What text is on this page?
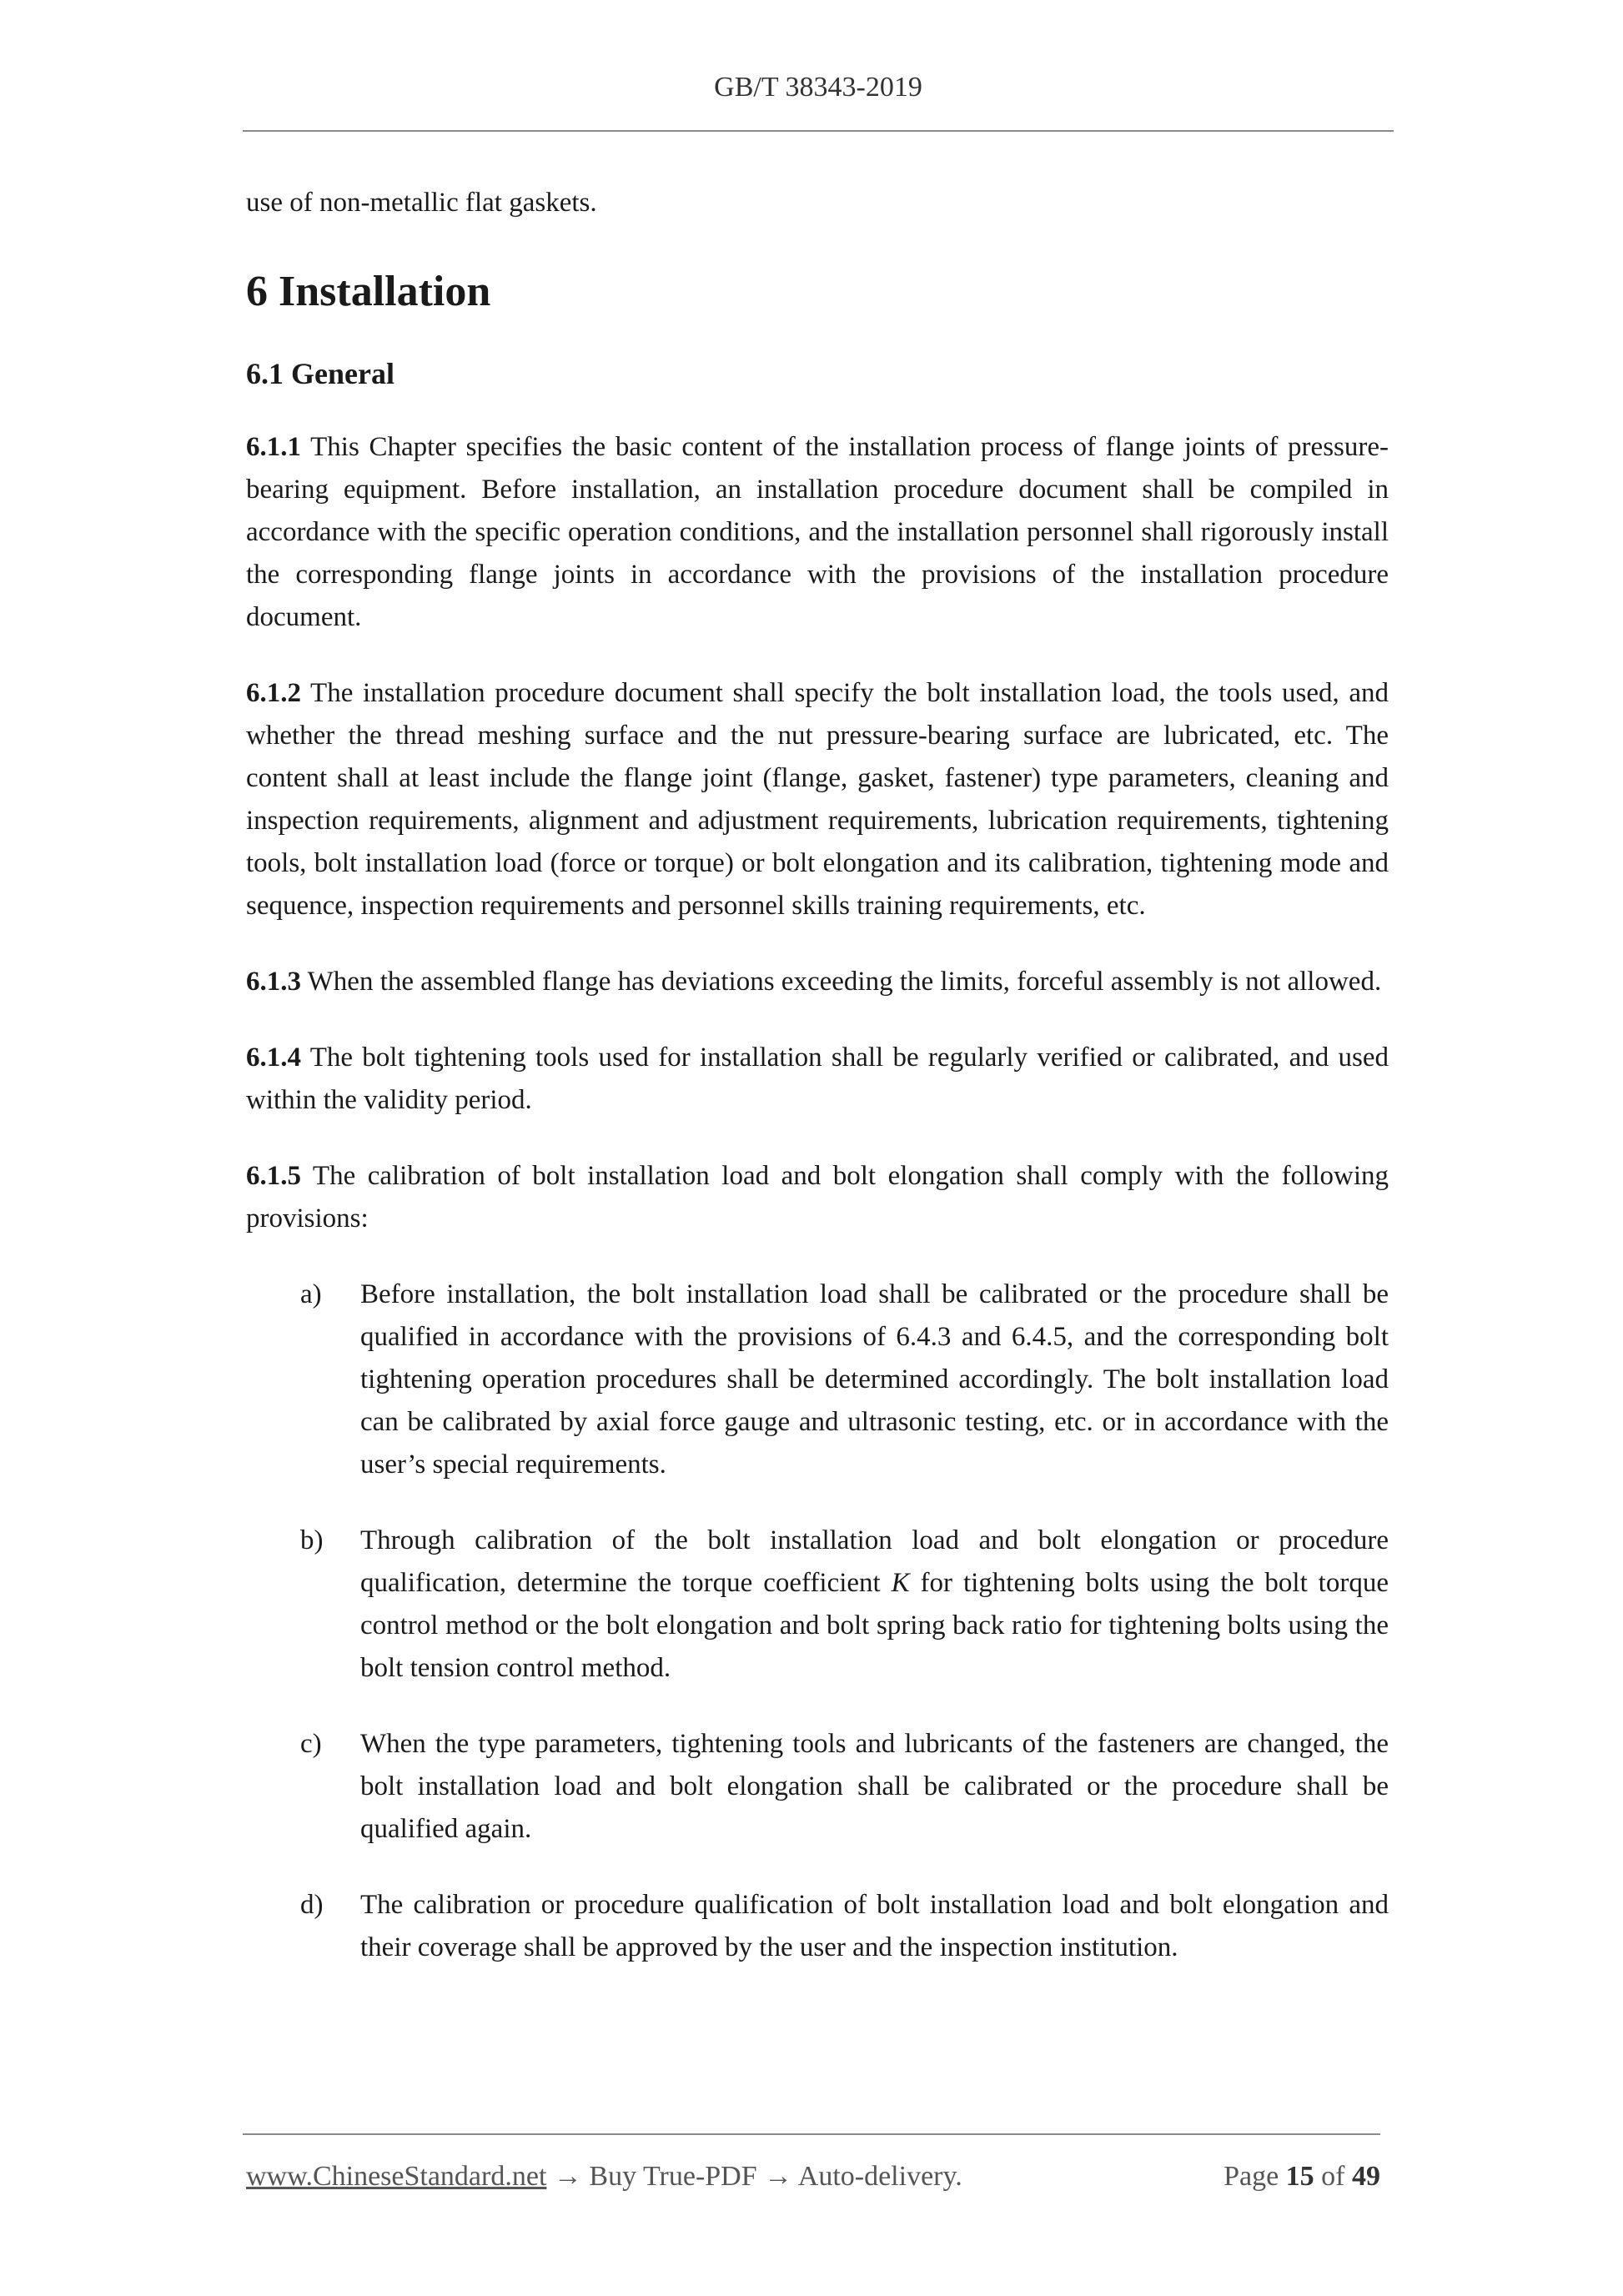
GB/T 38343-2019

use of non-metallic flat gaskets.

6 Installation
6.1 General

6.1.1 This Chapter specifies the basic content of the installation process of flange joints of pressure-bearing equipment. Before installation, an installation procedure document shall be compiled in accordance with the specific operation conditions, and the installation personnel shall rigorously install the corresponding flange joints in accordance with the provisions of the installation procedure document.

6.1.2 The installation procedure document shall specify the bolt installation load, the tools used, and whether the thread meshing surface and the nut pressure-bearing surface are lubricated, etc. The content shall at least include the flange joint (flange, gasket, fastener) type parameters, cleaning and inspection requirements, alignment and adjustment requirements, lubrication requirements, tightening tools, bolt installation load (force or torque) or bolt elongation and its calibration, tightening mode and sequence, inspection requirements and personnel skills training requirements, etc.

6.1.3 When the assembled flange has deviations exceeding the limits, forceful assembly is not allowed.

6.1.4 The bolt tightening tools used for installation shall be regularly verified or calibrated, and used within the validity period.

6.1.5 The calibration of bolt installation load and bolt elongation shall comply with the following provisions:

a)	Before installation, the bolt installation load shall be calibrated or the procedure shall be qualified in accordance with the provisions of 6.4.3 and 6.4.5, and the corresponding bolt tightening operation procedures shall be determined accordingly. The bolt installation load can be calibrated by axial force gauge and ultrasonic testing, etc. or in accordance with the user’s special requirements.
b)	Through calibration of the bolt installation load and bolt elongation or procedure qualification, determine the torque coefficient K for tightening bolts using the bolt torque control method or the bolt elongation and bolt spring back ratio for tightening bolts using the bolt tension control method.
c)	When the type parameters, tightening tools and lubricants of the fasteners are changed, the bolt installation load and bolt elongation shall be calibrated or the procedure shall be qualified again.
d)	The calibration or procedure qualification of bolt installation load and bolt elongation and their coverage shall be approved by the user and the inspection institution.
www.ChineseStandard.net → Buy True-PDF → Auto-delivery.	Page 15 of 49
